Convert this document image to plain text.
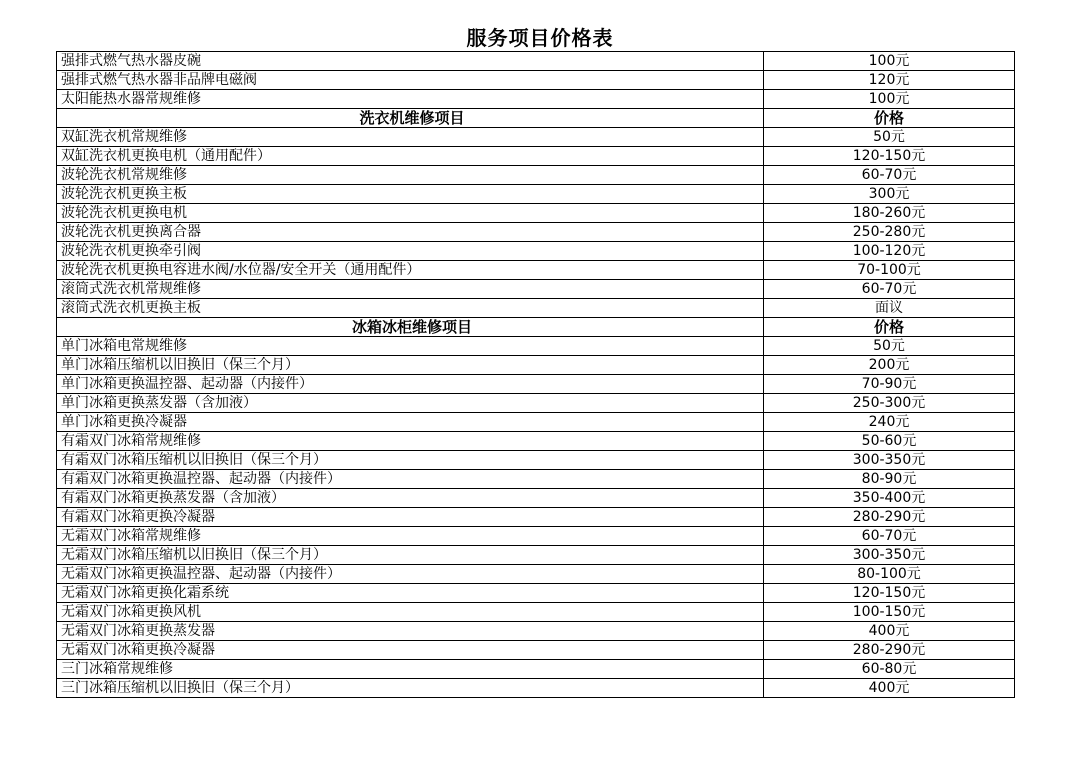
服务项目价格表
强排式燃气热水器皮碗	100元
强排式燃气热水器非品牌电磁阀	120元
太阳能热水器常规维修	100元
洗衣机维修项目	价格
双缸洗衣机常规维修	50元
双缸洗衣机更换电机（通用配件）	120-150元
波轮洗衣机常规维修	60-70元
波轮洗衣机更换主板	300元
波轮洗衣机更换电机	180-260元
波轮洗衣机更换离合器	250-280元
波轮洗衣机更换牵引阀	100-120元
波轮洗衣机更换电容进水阀/水位器/安全开关（通用配件）	70-100元
滚筒式洗衣机常规维修	60-70元
滚筒式洗衣机更换主板	面议
冰箱冰柜维修项目	价格
单门冰箱电常规维修	50元
单门冰箱压缩机以旧换旧（保三个月）	200元
单门冰箱更换温控器、起动器（内接件）	70-90元
单门冰箱更换蒸发器（含加液）	250-300元
单门冰箱更换冷凝器	240元
有霜双门冰箱常规维修	50-60元
有霜双门冰箱压缩机以旧换旧（保三个月）	300-350元
有霜双门冰箱更换温控器、起动器（内接件）	80-90元
有霜双门冰箱更换蒸发器（含加液）	350-400元
有霜双门冰箱更换冷凝器	280-290元
无霜双门冰箱常规维修	60-70元
无霜双门冰箱压缩机以旧换旧（保三个月）	300-350元
无霜双门冰箱更换温控器、起动器（内接件）	80-100元
无霜双门冰箱更换化霜系统	120-150元
无霜双门冰箱更换风机	100-150元
无霜双门冰箱更换蒸发器	400元
无霜双门冰箱更换冷凝器	280-290元
三门冰箱常规维修	60-80元
三门冰箱压缩机以旧换旧（保三个月）	400元
